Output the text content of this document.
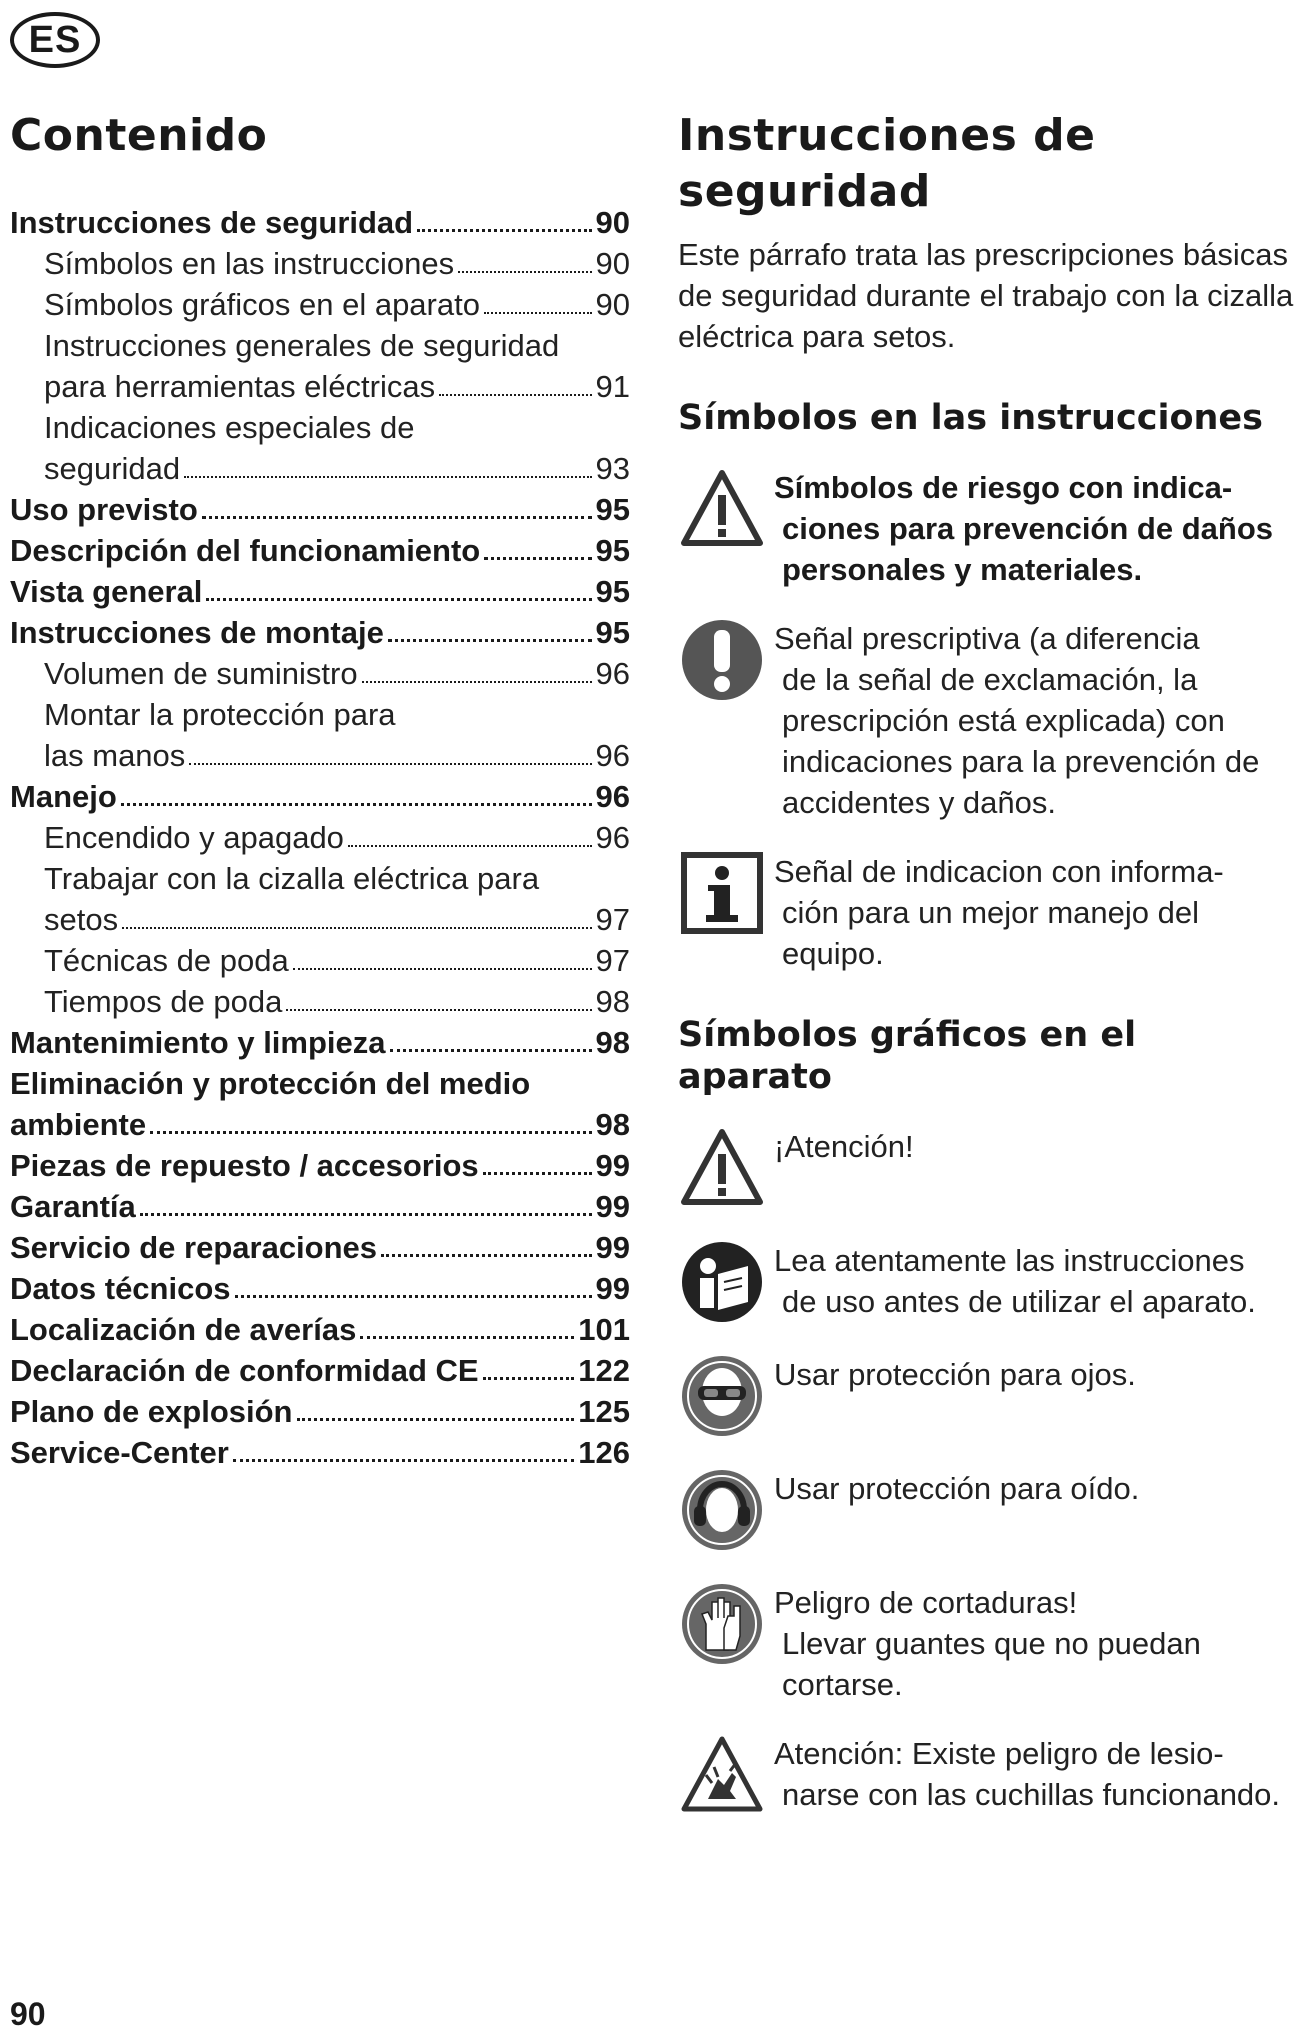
ES
Contenido
Instrucciones de seguridad	90
Símbolos en las instrucciones	90
Símbolos gráficos en el aparato	90
Instrucciones generales de seguridad
para herramientas eléctricas	91
Indicaciones especiales de
seguridad	93
Uso previsto	95
Descripción del funcionamiento	95
Vista general	95
Instrucciones de montaje	95
Volumen de suministro	96
Montar la protección para
las manos	96
Manejo	96
Encendido y apagado	96
Trabajar con la cizalla eléctrica para
setos	97
Técnicas de poda	97
Tiempos de poda	98
Mantenimiento y limpieza	98
Eliminación y protección del medio
ambiente	98
Piezas de repuesto / accesorios	99
Garantía	99
Servicio de reparaciones	99
Datos técnicos	99
Localización de averías	101
Declaración de conformidad CE	122
Plano de explosión	125
Service-Center	126
Instrucciones de seguridad
Este párrafo trata las prescripciones básicas de seguridad durante el trabajo con la cizalla eléctrica para setos.
Símbolos en las instrucciones
Símbolos de riesgo con indica-
ciones para prevención de daños personales y materiales.
Señal prescriptiva (a diferencia
de la señal de exclamación, la prescripción está explicada) con indicaciones para la prevención de accidentes y daños.
Señal de indicacion con informa-
ción para un mejor manejo del equipo.
Símbolos gráficos en el aparato
¡Atención!
Lea atentamente las instrucciones
de uso antes de utilizar el aparato.
Usar protección para ojos.
Usar protección para oído.
Peligro de cortaduras!
Llevar guantes que no puedan cortarse.
Atención: Existe peligro de lesio-
narse con las cuchillas funcionando.
90
